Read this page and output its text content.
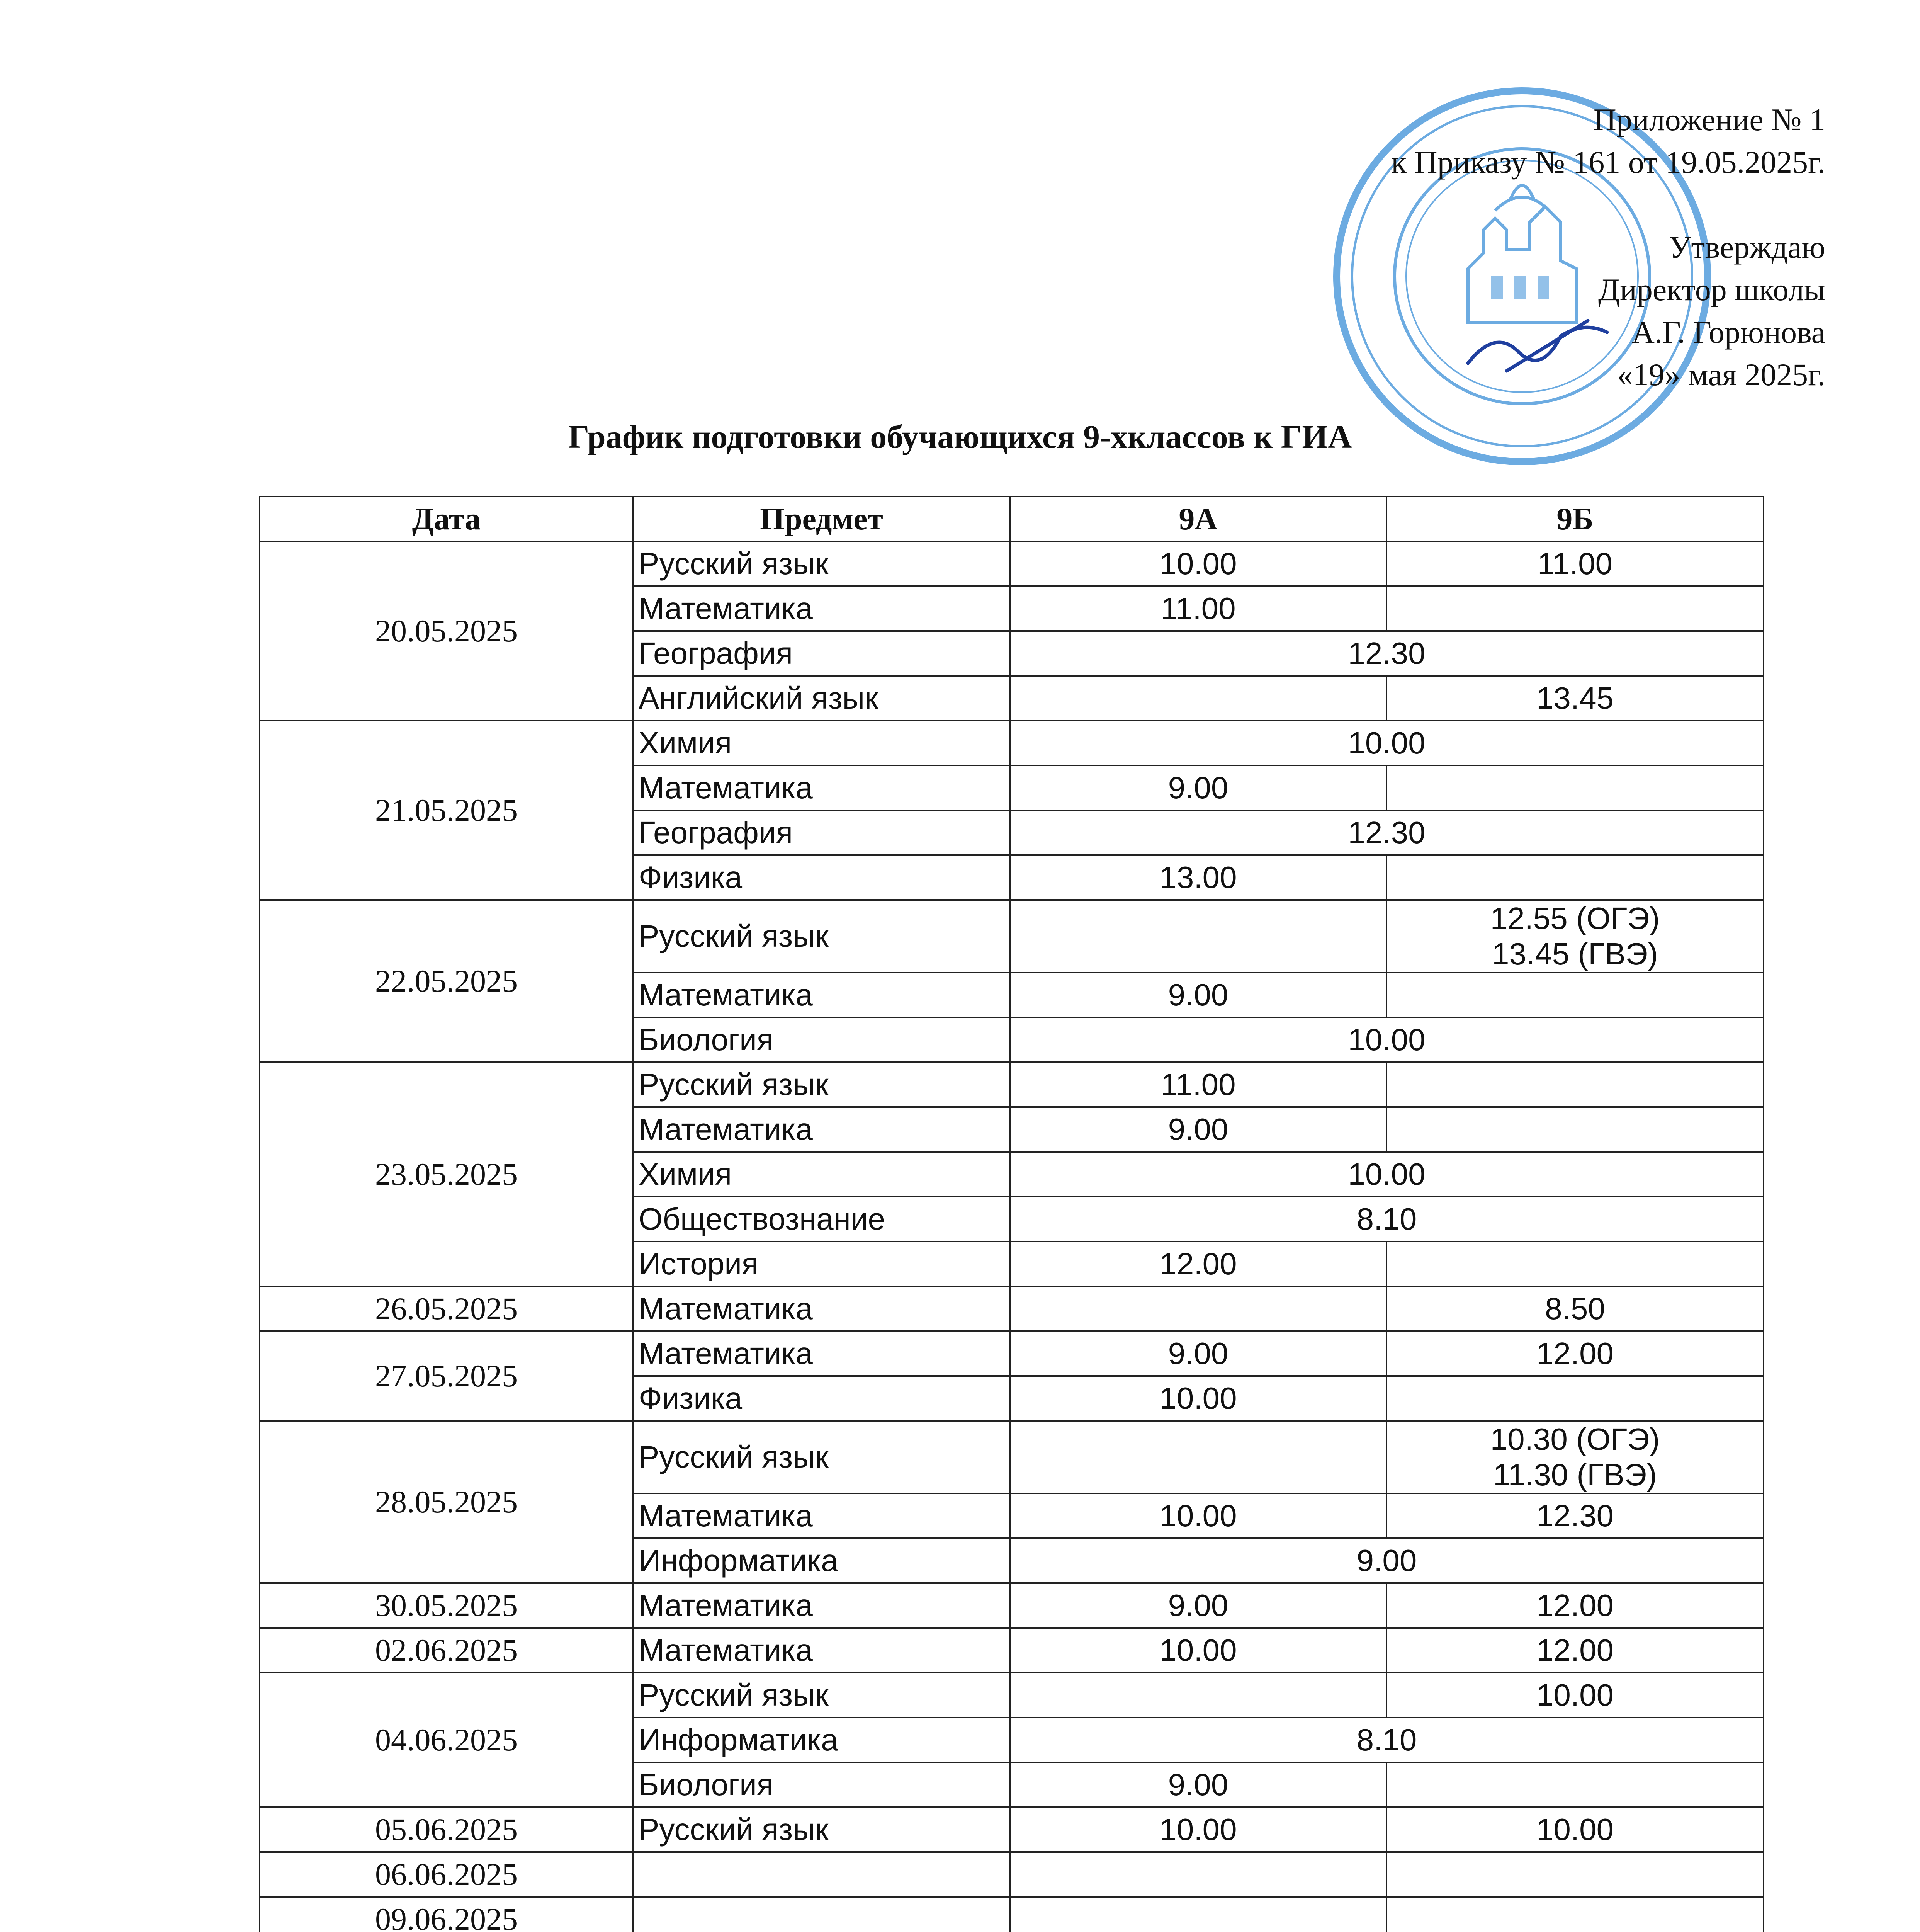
Приложение № 1
к Приказу № 161 от 19.05.2025г.
Утверждаю
Директор школы
А.Г. Горюнова
«19» мая 2025г.
График подготовки обучающихся 9-хклассов к ГИА
Дата	Предмет	9А	9Б
20.05.2025	Русский язык	10.00	11.00
	Математика	11.00	
	География	12.30	
	Английский язык		13.45
21.05.2025	Химия	10.00	
	Математика	9.00	
	География	12.30	
	Физика	13.00	
22.05.2025	Русский язык		12.55 (ОГЭ)
13.45 (ГВЭ)

	Математика	9.00	
	Биология	10.00	
23.05.2025	Русский язык	11.00	
	Математика	9.00	
	Химия	10.00	
	Обществознание	8.10	
	История	12.00	
26.05.2025	Математика		8.50
27.05.2025	Математика	9.00	12.00
	Физика	10.00	
28.05.2025	Русский язык		10.30 (ОГЭ)
11.30 (ГВЭ)

	Математика	10.00	12.30
	Информатика	9.00	
30.05.2025	Математика	9.00	12.00
02.06.2025	Математика	10.00	12.00
04.06.2025	Русский язык		10.00
	Информатика	8.10	
	Биология	9.00	
05.06.2025	Русский язык	10.00	10.00
06.06.2025			
09.06.2025			
